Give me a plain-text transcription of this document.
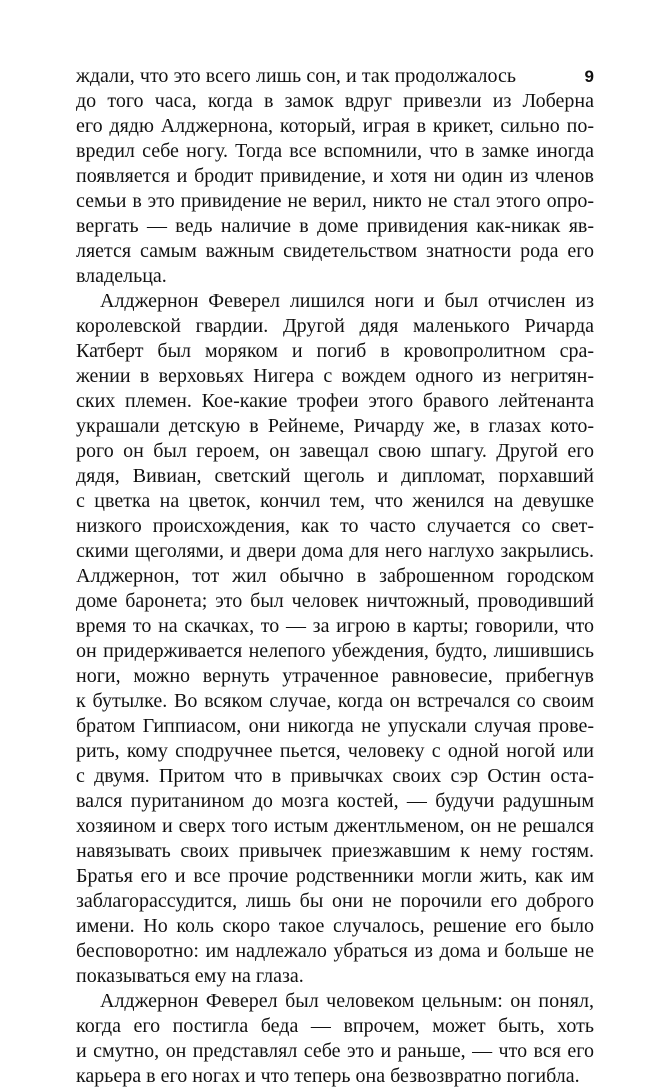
9
ждали, что это всего лишь сон, и так продолжалось
до того часа, когда в замок вдруг привезли из Лоберна
его дядю Алджернона, который, играя в крикет, сильно по-
вредил себе ногу. Тогда все вспомнили, что в замке иногда
появляется и бродит привидение, и хотя ни один из членов
семьи в это привидение не верил, никто не стал этого опро-
вергать — ведь наличие в доме привидения как-никак яв-
ляется самым важным свидетельством знатности рода его
владельца.
Алджернон Феверел лишился ноги и был отчислен из
королевской гвардии. Другой дядя маленького Ричарда
Катберт был моряком и погиб в кровопролитном сра-
жении в верховьях Нигера с вождем одного из негритян-
ских племен. Кое-какие трофеи этого бравого лейтенанта
украшали детскую в Рейнеме, Ричарду же, в глазах кото-
рого он был героем, он завещал свою шпагу. Другой его
дядя, Вивиан, светский щеголь и дипломат, порхавший
с цветка на цветок, кончил тем, что женился на девушке
низкого происхождения, как то часто случается со свет-
скими щеголями, и двери дома для него наглухо закрылись.
Алджернон, тот жил обычно в заброшенном городском
доме баронета; это был человек ничтожный, проводивший
время то на скачках, то — за игрою в карты; говорили, что
он придерживается нелепого убеждения, будто, лишившись
ноги, можно вернуть утраченное равновесие, прибегнув
к бутылке. Во всяком случае, когда он встречался со своим
братом Гиппиасом, они никогда не упускали случая прове-
рить, кому сподручнее пьется, человеку с одной ногой или
с двумя. Притом что в привычках своих сэр Остин оста-
вался пуританином до мозга костей, — будучи радушным
хозяином и сверх того истым джентльменом, он не решался
навязывать своих привычек приезжавшим к нему гостям.
Братья его и все прочие родственники могли жить, как им
заблагорассудится, лишь бы они не порочили его доброго
имени. Но коль скоро такое случалось, решение его было
бесповоротно: им надлежало убраться из дома и больше не
показываться ему на глаза.
Алджернон Феверел был человеком цельным: он понял,
когда его постигла беда — впрочем, может быть, хоть
и смутно, он представлял себе это и раньше, — что вся его
карьера в его ногах и что теперь она безвозвратно погибла.
